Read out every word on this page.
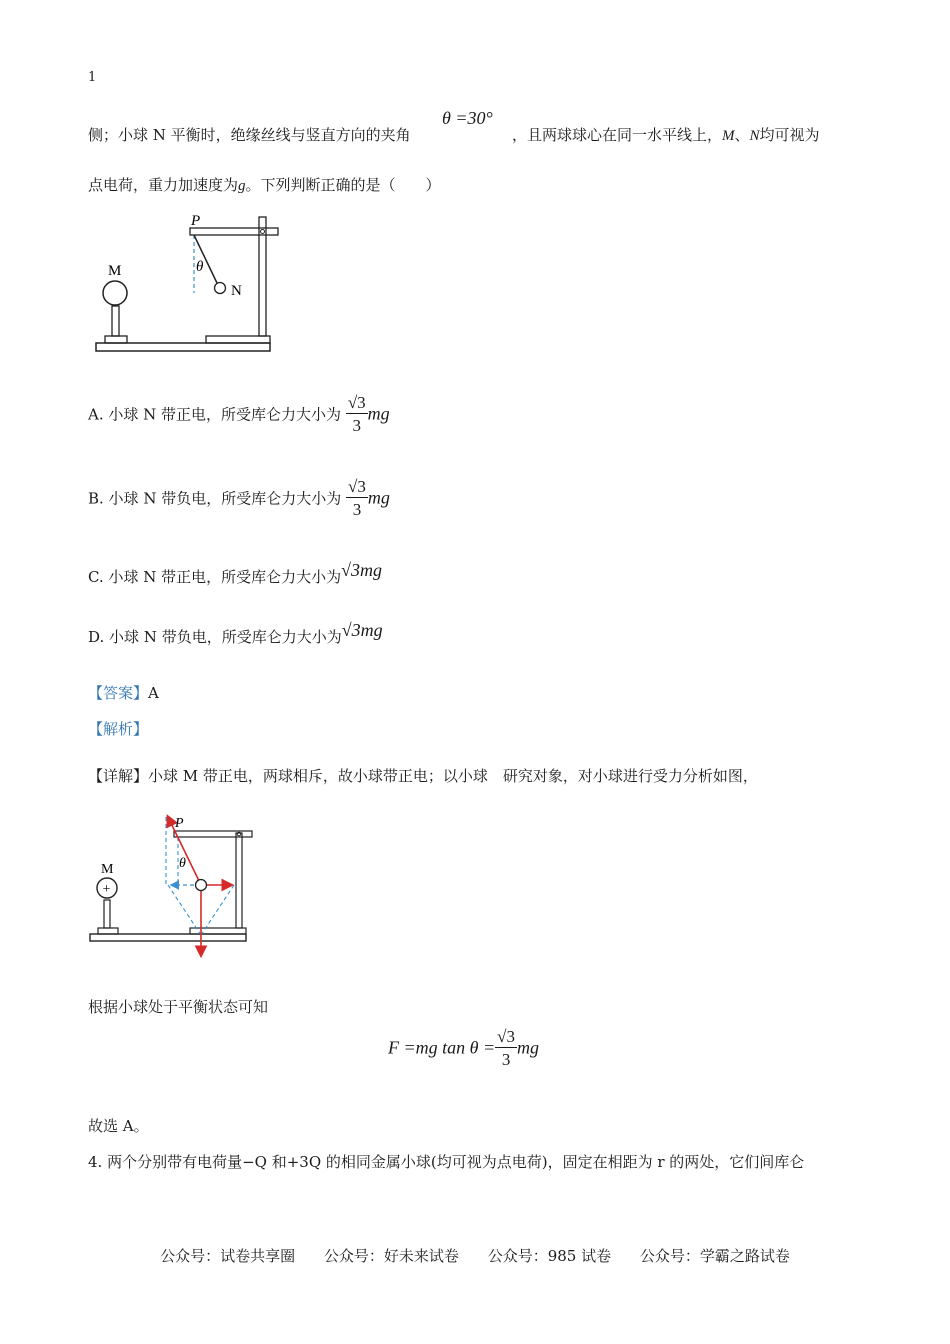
1
侧；小球 N 平衡时，绝缘丝线与竖直方向的夹角
θ =30°
，且两球球心在同一水平线上，M、N均可视为
点电荷，重力加速度为g。下列判断正确的是（　　）
M
N
P
θ
A. 小球 N 带正电，所受库仑力大小为 $\frac{√3}{3}$ mg
B. 小球 N 带负电，所受库仑力大小为 $\frac{√3}{3}$ mg
C. 小球 N 带正电，所受库仑力大小为√3mg
D. 小球 N 带负电，所受库仑力大小为√3mg
【答案】A
【解析】
【详解】小球 M 带正电，两球相斥，故小球带正电；以小球　研究对象，对小球进行受力分析如图，
+
M
P
θ
根据小球处于平衡状态可知
F =mg $\tan \theta = \frac{√3}{3}$ mg
故选 A。
4. 两个分别带有电荷量−Q 和+3Q 的相同金属小球(均可视为点电荷)，固定在相距为 r 的两处，它们间库仑
公众号：试卷共享圈 公众号：好未来试卷 公众号：985 试卷 公众号：学霸之路试卷
